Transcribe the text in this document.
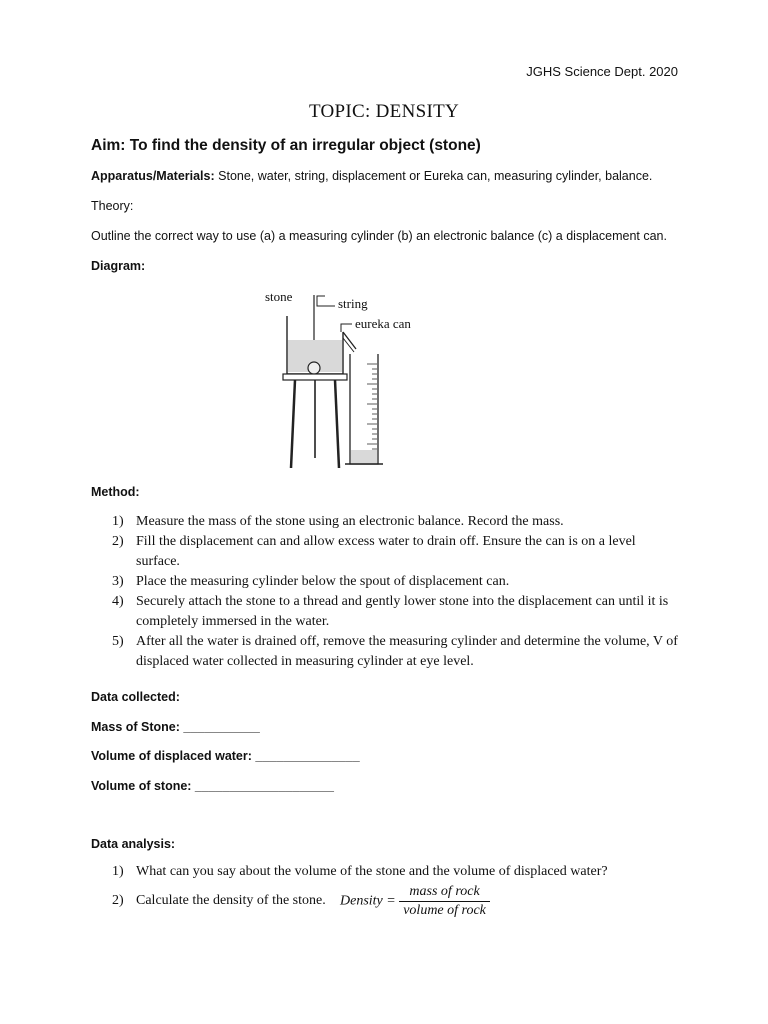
JGHS Science Dept. 2020
TOPIC: DENSITY
Aim: To find the density of an irregular object (stone)
Apparatus/Materials: Stone, water, string, displacement or Eureka can, measuring cylinder, balance.
Theory:
Outline the correct way to use (a) a measuring cylinder (b) an electronic balance (c) a displacement can.
Diagram:
stone	string
eureka can
Method:
1) Measure the mass of the stone using an electronic balance. Record the mass.
2) Fill the displacement can and allow excess water to drain off. Ensure the can is on a level surface.
3) Place the measuring cylinder below the spout of displacement can.
4) Securely attach the stone to a thread and gently lower stone into the displacement can until it is completely immersed in the water.
5) After all the water is drained off, remove the measuring cylinder and determine the volume, V of displaced water collected in measuring cylinder at eye level.
Data collected:
Mass of Stone: ___________
Volume of displaced water: _______________
Volume of stone: ____________________
Data analysis:
1) What can you say about the volume of the stone and the volume of displaced water?
2) Calculate the density of the stone. Density = $\frac{\text{mass of rock}}{\text{volume of rock}}$
